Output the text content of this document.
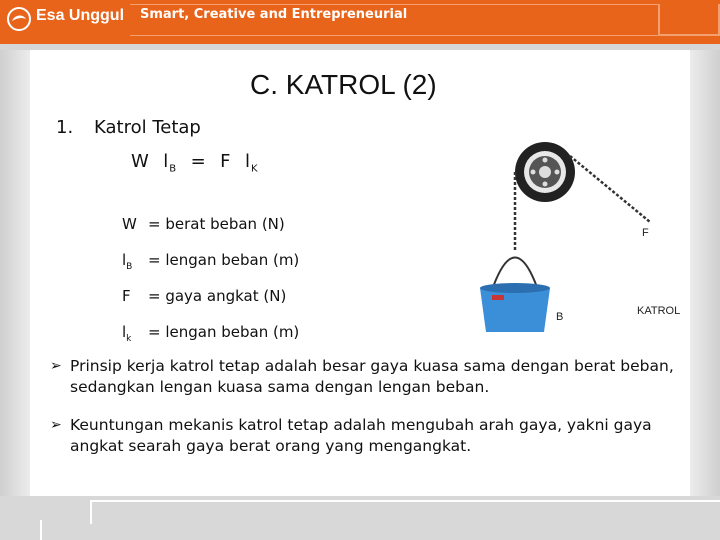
Esa Unggul Smart, Creative and Entrepreneurial
C. KATROL (2)
1. Katrol Tetap
W $l_B = F$ $l_K$
W = berat beban (N)
$l_B$ = lengan beban (m)
F = gaya angkat (N)
$l_k$ = lengan beban (m)
F
B	KATROL
➢ Prinsip kerja katrol tetap adalah besar gaya kuasa sama dengan berat beban, sedangkan lengan kuasa sama dengan lengan beban.
➢ Keuntungan mekanis katrol tetap adalah mengubah arah gaya, yakni gaya angkat searah gaya berat orang yang mengangkat.
